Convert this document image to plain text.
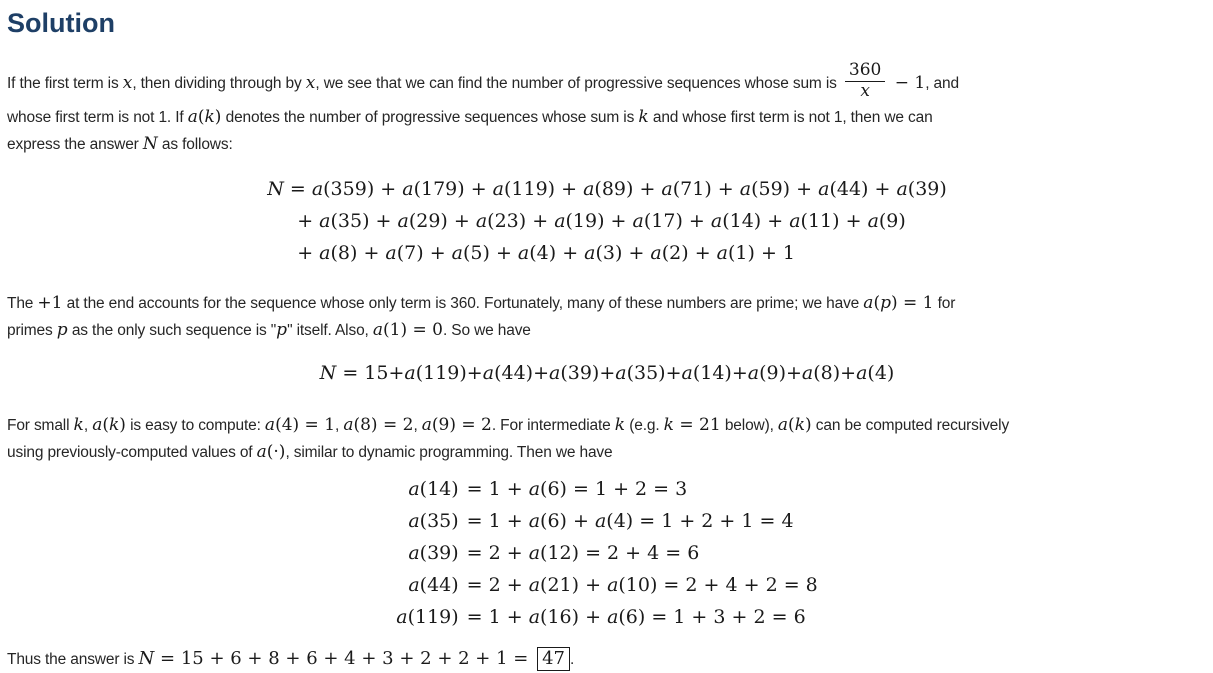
Solution
If the first term is x, then dividing through by x, we see that we can find the number of progressive sequences whose sum is $\frac{360}{x} - 1$, and
whose first term is not 1. If a(k) denotes the number of progressive sequences whose sum is k and whose first term is not 1, then we can
express the answer N as follows:
N = a(359) + a(179) + a(119) + a(89) + a(71) + a(59) + a(44) + a(39)
+ a(35) + a(29) + a(23) + a(19) + a(17) + a(14) + a(11) + a(9)
+ a(8) + a(7) + a(5) + a(4) + a(3) + a(2) + a(1) + 1
The +1 at the end accounts for the sequence whose only term is 360. Fortunately, many of these numbers are prime; we have a(p) = 1 for
primes p as the only such sequence is "p" itself. Also, a(1) = 0. So we have
N = 15+a(119)+a(44)+a(39)+a(35)+a(14)+a(9)+a(8)+a(4)
For small k, a(k) is easy to compute: a(4) = 1, a(8) = 2, a(9) = 2. For intermediate k (e.g. k = 21 below), a(k) can be computed recursively
using previously-computed values of a(·), similar to dynamic programming. Then we have
a(14) = 1 + a(6) = 1 + 2 = 3
a(35) = 1 + a(6) + a(4) = 1 + 2 + 1 = 4
a(39) = 2 + a(12) = 2 + 4 = 6
a(44) = 2 + a(21) + a(10) = 2 + 4 + 2 = 8
a(119) = 1 + a(16) + a(6) = 1 + 3 + 2 = 6
Thus the answer is N = 15 + 6 + 8 + 6 + 4 + 3 + 2 + 2 + 1 = 47 .
